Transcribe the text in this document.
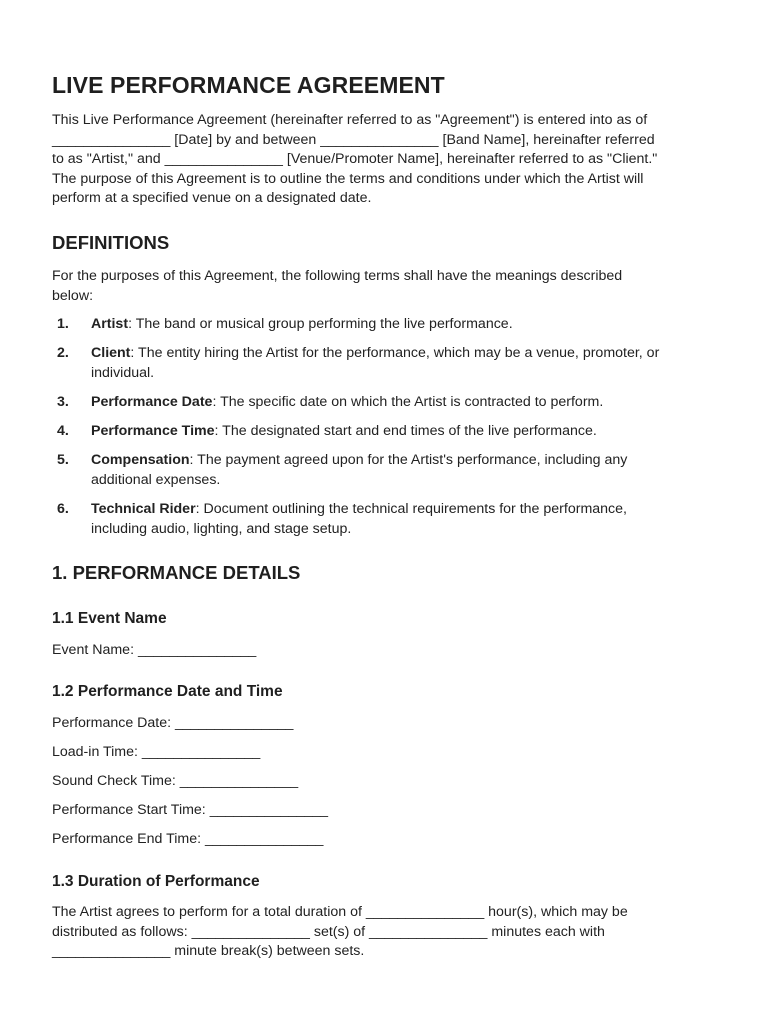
LIVE PERFORMANCE AGREEMENT
This Live Performance Agreement (hereinafter referred to as "Agreement") is entered into as of
_______________ [Date] by and between _______________ [Band Name], hereinafter referred
to as "Artist," and _______________ [Venue/Promoter Name], hereinafter referred to as "Client."
The purpose of this Agreement is to outline the terms and conditions under which the Artist will
perform at a specified venue on a designated date.
DEFINITIONS
For the purposes of this Agreement, the following terms shall have the meanings described
below:
1. Artist: The band or musical group performing the live performance.
2. Client: The entity hiring the Artist for the performance, which may be a venue, promoter, or
individual.
3. Performance Date: The specific date on which the Artist is contracted to perform.
4. Performance Time: The designated start and end times of the live performance.
5. Compensation: The payment agreed upon for the Artist's performance, including any
additional expenses.
6. Technical Rider: Document outlining the technical requirements for the performance,
including audio, lighting, and stage setup.
1. PERFORMANCE DETAILS
1.1 Event Name
Event Name: _______________
1.2 Performance Date and Time
Performance Date: _______________
Load-in Time: _______________
Sound Check Time: _______________
Performance Start Time: _______________
Performance End Time: _______________
1.3 Duration of Performance
The Artist agrees to perform for a total duration of _______________ hour(s), which may be
distributed as follows: _______________ set(s) of _______________ minutes each with
_______________ minute break(s) between sets.
